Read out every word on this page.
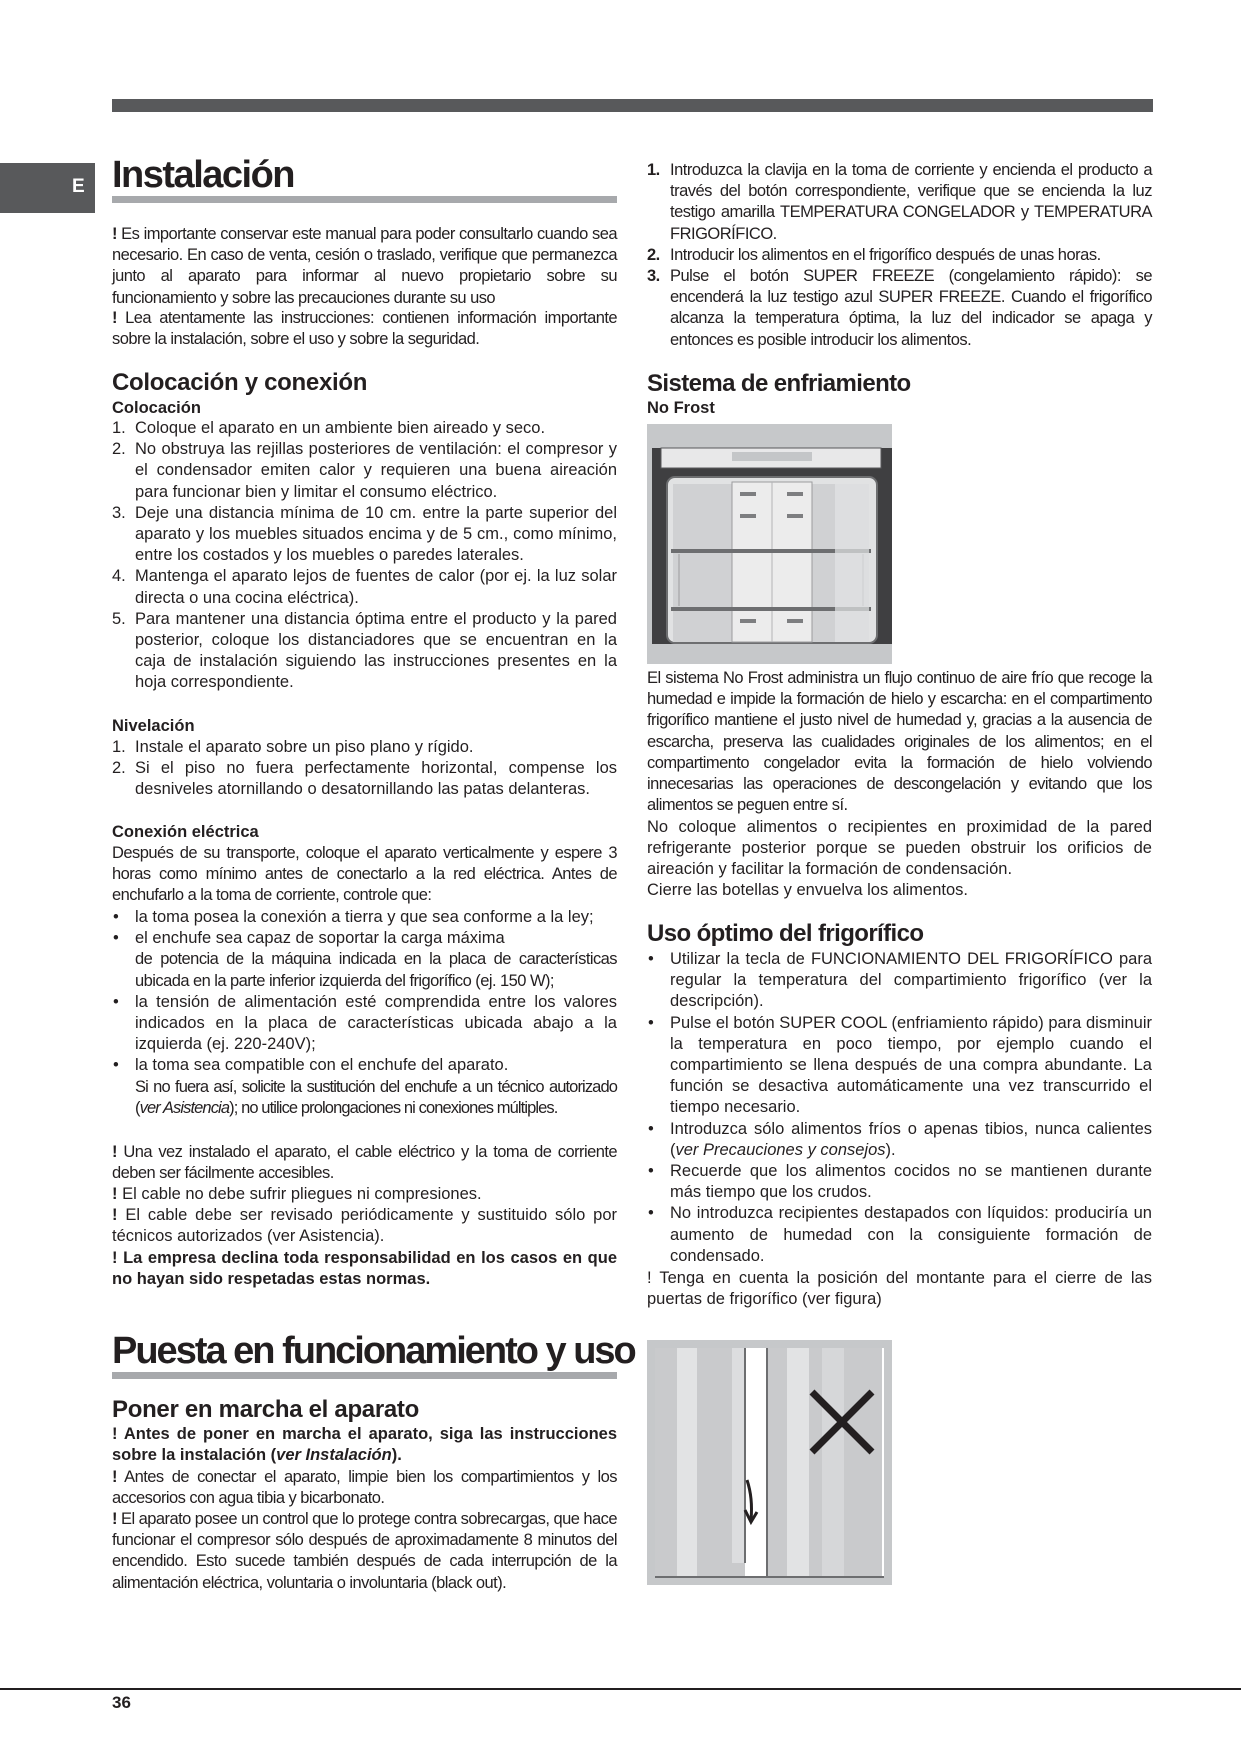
E Instalación
! Es importante conservar este manual para poder consultarlo cuando sea necesario. En caso de venta, cesión o traslado, verifique que permanezca junto al aparato para informar al nuevo propietario sobre su funcionamiento y sobre las precauciones durante su uso
! Lea atentamente las instrucciones: contienen información importante sobre la instalación, sobre el uso y sobre la seguridad.
Colocación y conexión
Colocación
1. Coloque el aparato en un ambiente bien aireado y seco.
2. No obstruya las rejillas posteriores de ventilación: el compresor y el condensador emiten calor y requieren una buena aireación para funcionar bien y limitar el consumo eléctrico.
3. Deje una distancia mínima de 10 cm. entre la parte superior del aparato y los muebles situados encima y de 5 cm., como mínimo, entre los costados y los muebles o paredes laterales.
4. Mantenga el aparato lejos de fuentes de calor (por ej. la luz solar directa o una cocina eléctrica).
5. Para mantener una distancia óptima entre el producto y la pared posterior, coloque los distanciadores que se encuentran en la caja de instalación siguiendo las instrucciones presentes en la hoja correspondiente.
Nivelación
1. Instale el aparato sobre un piso plano y rígido.
2. Si el piso no fuera perfectamente horizontal, compense los desniveles atornillando o desatornillando las patas delanteras.
Conexión eléctrica
Después de su transporte, coloque el aparato verticalmente y espere 3 horas como mínimo antes de conectarlo a la red eléctrica. Antes de enchufarlo a la toma de corriente, controle que:
• la toma posea la conexión a tierra y que sea conforme a la ley;
• el enchufe sea capaz de soportar la carga máxima
de potencia de la máquina indicada en la placa de características ubicada en la parte inferior izquierda del frigorífico (ej. 150 W);
• la tensión de alimentación esté comprendida entre los valores indicados en la placa de características ubicada abajo a la izquierda (ej. 220-240V);
• la toma sea compatible con el enchufe del aparato.
Si no fuera así, solicite la sustitución del enchufe a un técnico autorizado (ver Asistencia); no utilice prolongaciones ni conexiones múltiples.
! Una vez instalado el aparato, el cable eléctrico y la toma de corriente deben ser fácilmente accesibles.
! El cable no debe sufrir pliegues ni compresiones.
! El cable debe ser revisado periódicamente y sustituido sólo por técnicos autorizados (ver Asistencia).
! La empresa declina toda responsabilidad en los casos en que no hayan sido respetadas estas normas.
Puesta en funcionamiento y uso
Poner en marcha el aparato
! Antes de poner en marcha el aparato, siga las instrucciones sobre la instalación (ver Instalación).
! Antes de conectar el aparato, limpie bien los compartimientos y los accesorios con agua tibia y bicarbonato.
! El aparato posee un control que lo protege contra sobrecargas, que hace funcionar el compresor sólo después de aproximadamente 8 minutos del encendido. Esto sucede también después de cada interrupción de la alimentación eléctrica, voluntaria o involuntaria (black out).
1. Introduzca la clavija en la toma de corriente y encienda el producto a través del botón correspondiente, verifique que se encienda la luz testigo amarilla TEMPERATURA CONGELADOR y TEMPERATURA FRIGORÍFICO.
2. Introducir los alimentos en el frigorífico después de unas horas.
3. Pulse el botón SUPER FREEZE (congelamiento rápido): se encenderá la luz testigo azul SUPER FREEZE. Cuando el frigorífico alcanza la temperatura óptima, la luz del indicador se apaga y entonces es posible introducir los alimentos.
Sistema de enfriamiento
No Frost
El sistema No Frost administra un flujo continuo de aire frío que recoge la humedad e impide la formación de hielo y escarcha: en el compartimento frigorífico mantiene el justo nivel de humedad y, gracias a la ausencia de escarcha, preserva las cualidades originales de los alimentos; en el compartimento congelador evita la formación de hielo volviendo innecesarias las operaciones de descongelación y evitando que los alimentos se peguen entre sí.
No coloque alimentos o recipientes en proximidad de la pared refrigerante posterior porque se pueden obstruir los orificios de aireación y facilitar la formación de condensación.
Cierre las botellas y envuelva los alimentos.
Uso óptimo del frigorífico
• Utilizar la tecla de FUNCIONAMIENTO DEL FRIGORÍFICO para regular la temperatura del compartimiento frigorífico (ver la descripción).
• Pulse el botón SUPER COOL (enfriamiento rápido) para disminuir la temperatura en poco tiempo, por ejemplo cuando el compartimiento se llena después de una compra abundante. La función se desactiva automáticamente una vez transcurrido el tiempo necesario.
• Introduzca sólo alimentos fríos o apenas tibios, nunca calientes (ver Precauciones y consejos).
• Recuerde que los alimentos cocidos no se mantienen durante más tiempo que los crudos.
• No introduzca recipientes destapados con líquidos: produciría un aumento de humedad con la consiguiente formación de condensado.
! Tenga en cuenta la posición del montante para el cierre de las puertas de frigorífico (ver figura)
36
